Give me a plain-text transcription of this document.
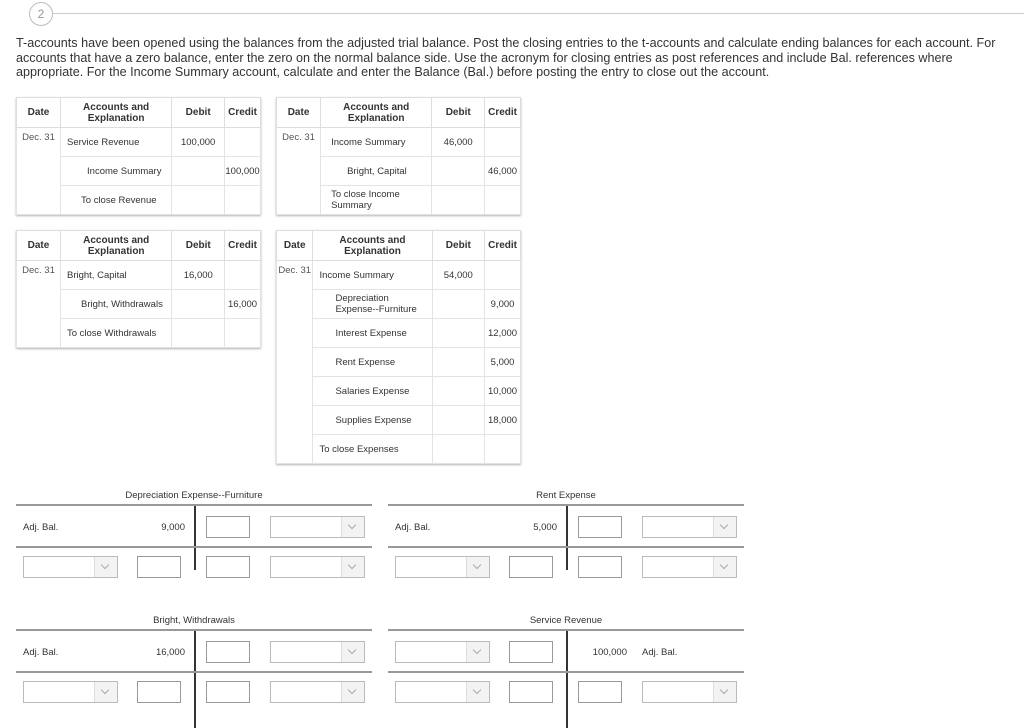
2

T-accounts have been opened using the balances from the adjusted trial balance. Post the closing entries to the t-accounts and calculate ending balances for each account. For accounts that have a zero balance, enter the zero on the normal balance side. Use the acronym for closing entries as post references and include Bal. references where appropriate. For the Income Summary account, calculate and enter the Balance (Bal.) before posting the entry to close out the account.

Date	Accounts and Explanation	Debit	Credit
Dec. 31	Service Revenue	100,000	
	Income Summary		100,000
	To close Revenue		
Date	Accounts and Explanation	Debit	Credit
Dec. 31	Income Summary	46,000	
	Bright, Capital		46,000
	To close Income Summary		
Date	Accounts and Explanation	Debit	Credit
Dec. 31	Bright, Capital	16,000	
	Bright, Withdrawals		16,000
	To close Withdrawals		
Date	Accounts and Explanation	Debit	Credit
Dec. 31	Income Summary	54,000	
	Depreciation Expense--Furniture		9,000
	Interest Expense		12,000
	Rent Expense		5,000
	Salaries Expense		10,000
	Supplies Expense		18,000
	To close Expenses		
Depreciation Expense--Furniture
Adj. Bal.	9,000
Rent Expense
Adj. Bal.	5,000
Bright, Withdrawals
Adj. Bal.	16,000
Service Revenue
100,000 Adj. Bal.
